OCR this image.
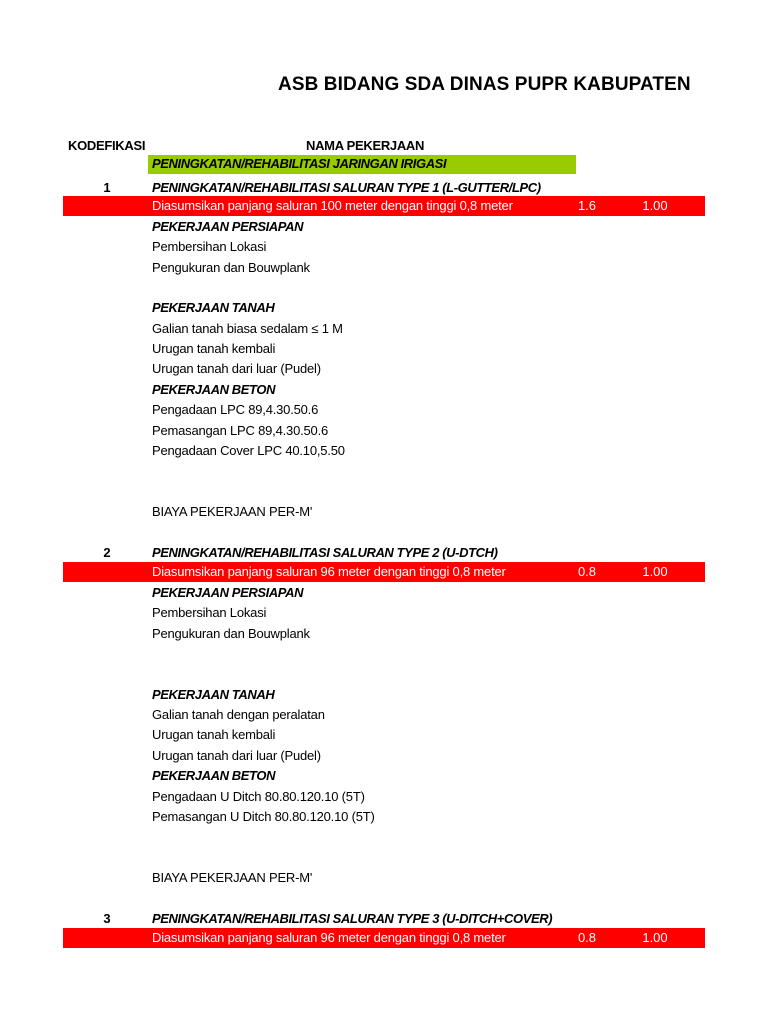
ASB BIDANG SDA DINAS PUPR KABUPATEN
KODEFIKASI	NAMA PEKERJAAN
PENINGKATAN/REHABILITASI JARINGAN IRIGASI
1	PENINGKATAN/REHABILITASI SALURAN TYPE 1 (L-GUTTER/LPC)
Diasumsikan panjang saluran 100 meter dengan tinggi 0,8 meter	1.6	1.00
PEKERJAAN PERSIAPAN
Pembersihan Lokasi
Pengukuran dan Bouwplank
PEKERJAAN TANAH
Galian tanah biasa sedalam ≤ 1 M
Urugan tanah kembali
Urugan tanah dari luar (Pudel)
PEKERJAAN BETON
Pengadaan LPC 89,4.30.50.6
Pemasangan LPC 89,4.30.50.6
Pengadaan Cover LPC 40.10,5.50
BIAYA PEKERJAAN PER-M'
2	PENINGKATAN/REHABILITASI SALURAN TYPE 2 (U-DTCH)
Diasumsikan panjang saluran 96 meter dengan tinggi 0,8 meter	0.8	1.00
PEKERJAAN PERSIAPAN
Pembersihan Lokasi
Pengukuran dan Bouwplank
PEKERJAAN TANAH
Galian tanah dengan peralatan
Urugan tanah kembali
Urugan tanah dari luar (Pudel)
PEKERJAAN BETON
Pengadaan U Ditch 80.80.120.10 (5T)
Pemasangan U Ditch 80.80.120.10 (5T)
BIAYA PEKERJAAN PER-M'
3	PENINGKATAN/REHABILITASI SALURAN TYPE 3 (U-DITCH+COVER)
Diasumsikan panjang saluran 96 meter dengan tinggi 0,8 meter	0.8	1.00
